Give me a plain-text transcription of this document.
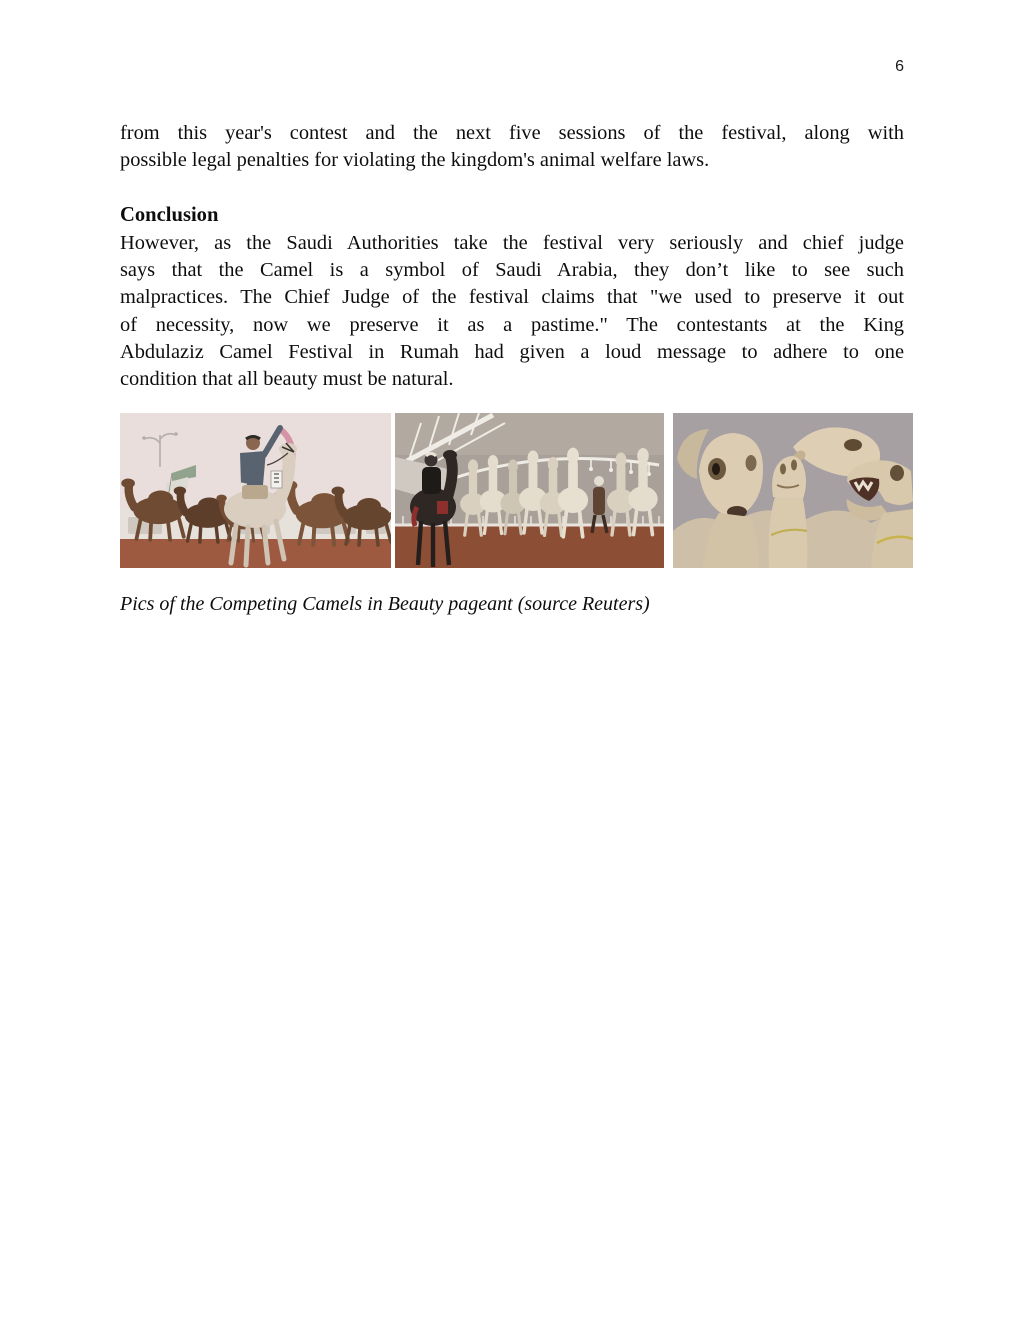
6
from this year's contest and the next five sessions of the festival, along with
possible legal penalties for violating the kingdom's animal welfare laws.
Conclusion
However, as the Saudi Authorities take the festival very seriously and chief judge
says that the Camel is a symbol of Saudi Arabia, they don’t like to see such
malpractices. The Chief Judge of the festival claims that "we used to preserve it out
of necessity, now we preserve it as a pastime." The contestants at the King
Abdulaziz Camel Festival in Rumah had given a loud message to adhere to one
condition that all beauty must be natural.
Pics of the Competing Camels in Beauty pageant (source Reuters)
